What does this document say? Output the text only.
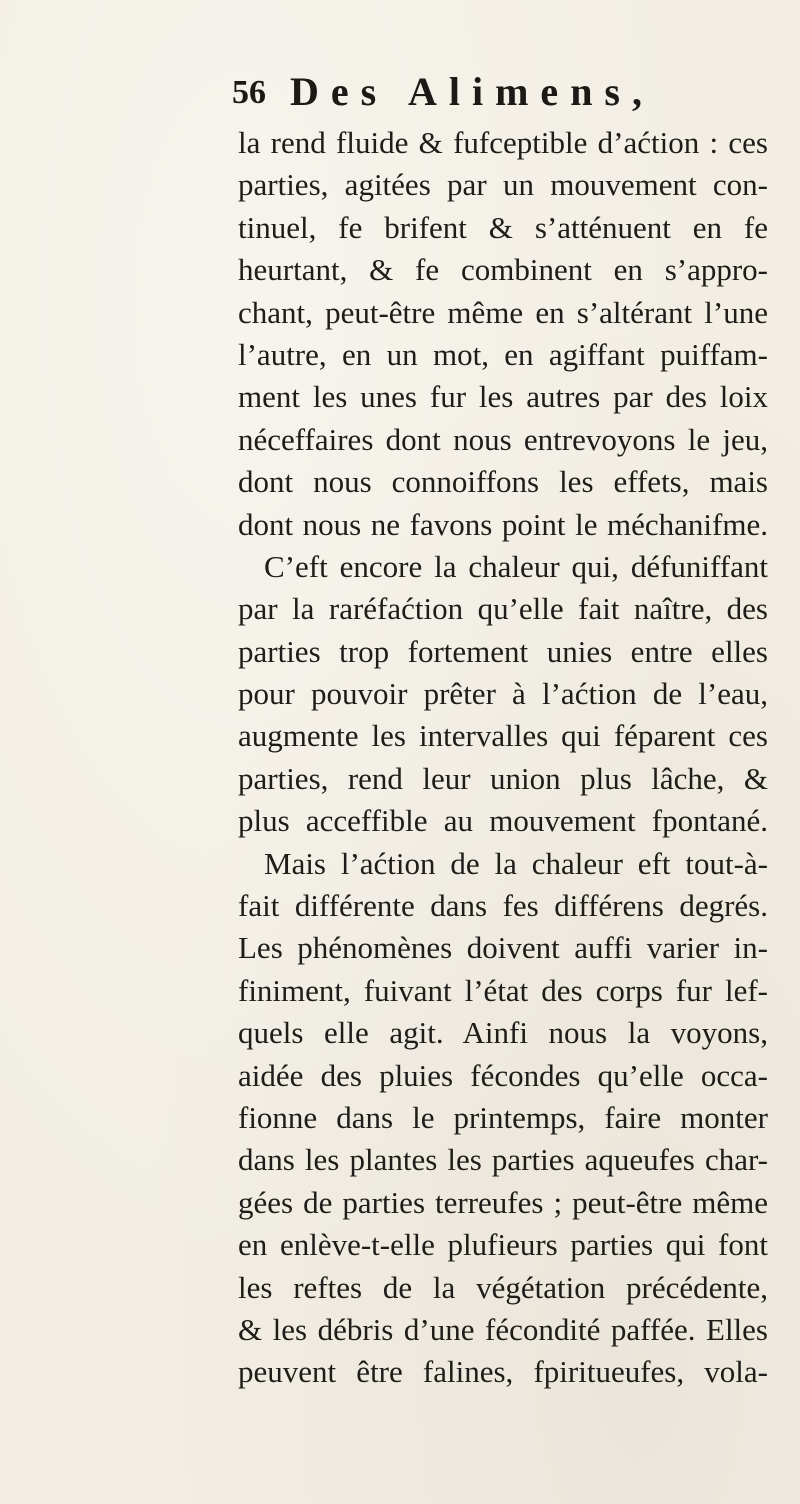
56 Des Alimens,
la rend fluide & fufceptible d’aćtion : ces
parties, agitées par un mouvement con-
tinuel, fe brifent & s’atténuent en fe
heurtant, & fe combinent en s’appro-
chant, peut-être même en s’altérant l’une
l’autre, en un mot, en agiffant puiffam-
ment les unes fur les autres par des loix
néceffaires dont nous entrevoyons le jeu,
dont nous connoiffons les effets, mais
dont nous ne favons point le méchanifme.
C’eft encore la chaleur qui, défuniffant
par la raréfaćtion qu’elle fait naître, des
parties trop fortement unies entre elles
pour pouvoir prêter à l’aćtion de l’eau,
augmente les intervalles qui féparent ces
parties, rend leur union plus lâche, &
plus acceffible au mouvement fpontané.
Mais l’aćtion de la chaleur eft tout-à-
fait différente dans fes différens degrés.
Les phénomènes doivent auffi varier in-
finiment, fuivant l’état des corps fur lef-
quels elle agit. Ainfi nous la voyons,
aidée des pluies fécondes qu’elle occa-
fionne dans le printemps, faire monter
dans les plantes les parties aqueufes char-
gées de parties terreufes ; peut-être même
en enlève-t-elle plufieurs parties qui font
les reftes de la végétation précédente,
& les débris d’une fécondité paffée. Elles
peuvent être falines, fpiritueufes, vola-
